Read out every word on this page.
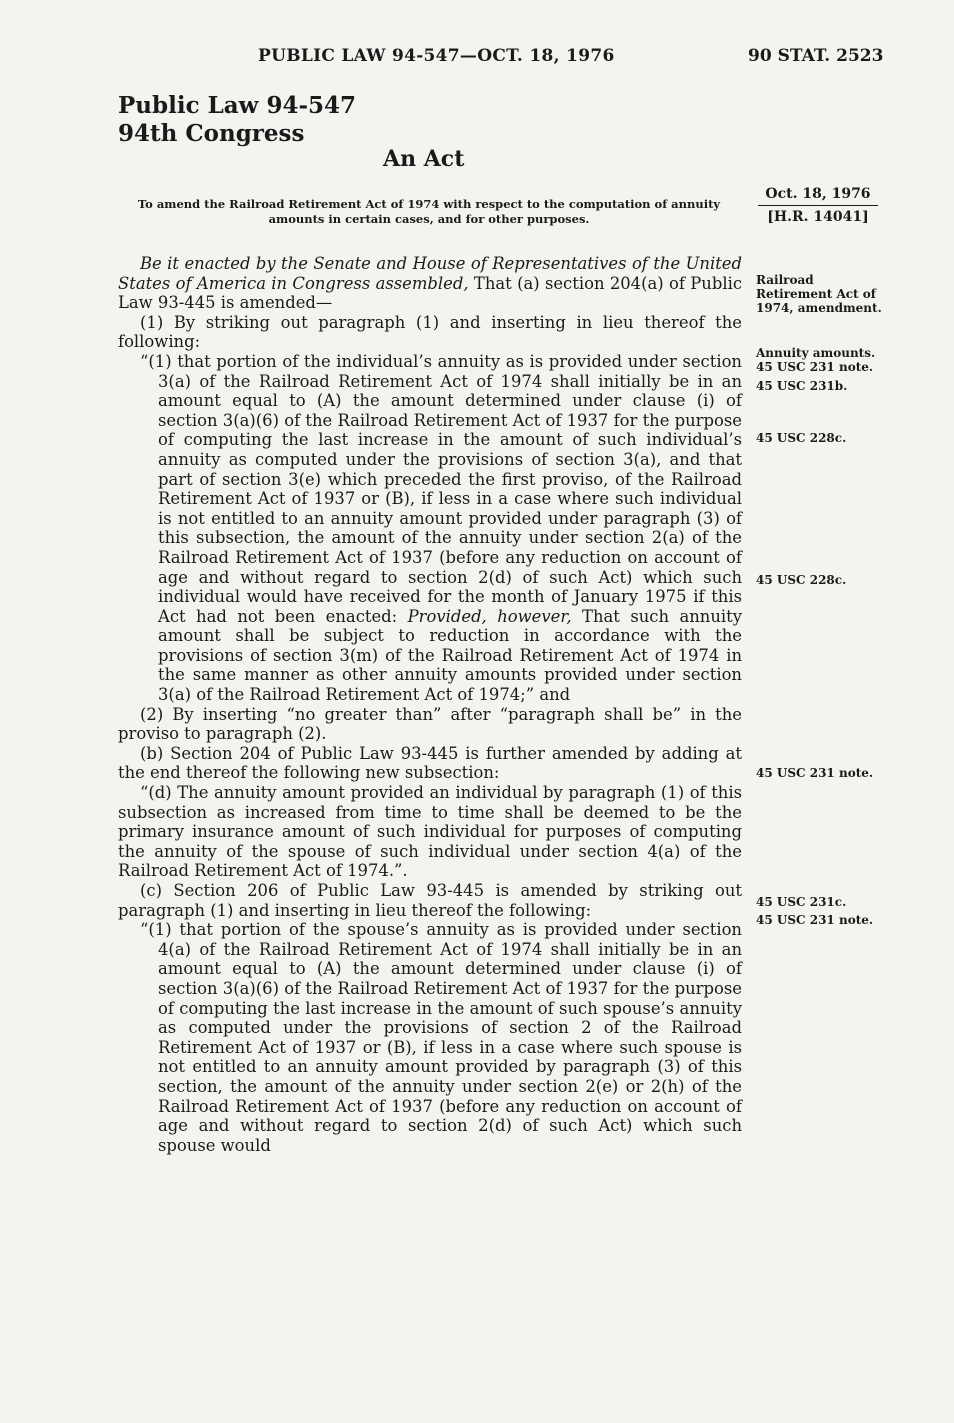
PUBLIC LAW 94-547—OCT. 18, 1976	90 STAT. 2523
Public Law 94-547
94th Congress
An Act
To amend the Railroad Retirement Act of 1974 with respect to the computation of annuity amounts in certain cases, and for other purposes.
Oct. 18, 1976
[H.R. 14041]

Be it enacted by the Senate and House of Representatives of the United States of America in Congress assembled, That (a) section 204(a) of Public Law 93-445 is amended—

(1) By striking out paragraph (1) and inserting in lieu thereof the following:

“(1) that portion of the individual’s annuity as is provided under section 3(a) of the Railroad Retirement Act of 1974 shall initially be in an amount equal to (A) the amount determined under clause (i) of section 3(a)(6) of the Railroad Retirement Act of 1937 for the purpose of computing the last increase in the amount of such individual’s annuity as computed under the provisions of section 3(a), and that part of section 3(e) which preceded the first proviso, of the Railroad Retirement Act of 1937 or (B), if less in a case where such individual is not entitled to an annuity amount provided under paragraph (3) of this subsection, the amount of the annuity under section 2(a) of the Railroad Retirement Act of 1937 (before any reduction on account of age and without regard to section 2(d) of such Act) which such individual would have received for the month of January 1975 if this Act had not been enacted: Provided, however, That such annuity amount shall be subject to reduction in accordance with the provisions of section 3(m) of the Railroad Retirement Act of 1974 in the same manner as other annuity amounts provided under section 3(a) of the Railroad Retirement Act of 1974;” and

(2) By inserting “no greater than” after “paragraph shall be” in the proviso to paragraph (2).

(b) Section 204 of Public Law 93-445 is further amended by adding at the end thereof the following new subsection:

“(d) The annuity amount provided an individual by paragraph (1) of this subsection as increased from time to time shall be deemed to be the primary insurance amount of such individual for purposes of computing the annuity of the spouse of such individual under section 4(a) of the Railroad Retirement Act of 1974.”.

(c) Section 206 of Public Law 93-445 is amended by striking out paragraph (1) and inserting in lieu thereof the following:

“(1) that portion of the spouse’s annuity as is provided under section 4(a) of the Railroad Retirement Act of 1974 shall initially be in an amount equal to (A) the amount determined under clause (i) of section 3(a)(6) of the Railroad Retirement Act of 1937 for the purpose of computing the last increase in the amount of such spouse’s annuity as computed under the provisions of section 2 of the Railroad Retirement Act of 1937 or (B), if less in a case where such spouse is not entitled to an annuity amount provided by paragraph (3) of this section, the amount of the annuity under section 2(e) or 2(h) of the Railroad Retirement Act of 1937 (before any reduction on account of age and without regard to section 2(d) of such Act) which such spouse would

Railroad Retirement Act of 1974, amendment.
Annuity amounts.
45 USC 231 note.
45 USC 231b.
45 USC 228c.
45 USC 228c.
45 USC 231 note.
45 USC 231c.
45 USC 231 note.
